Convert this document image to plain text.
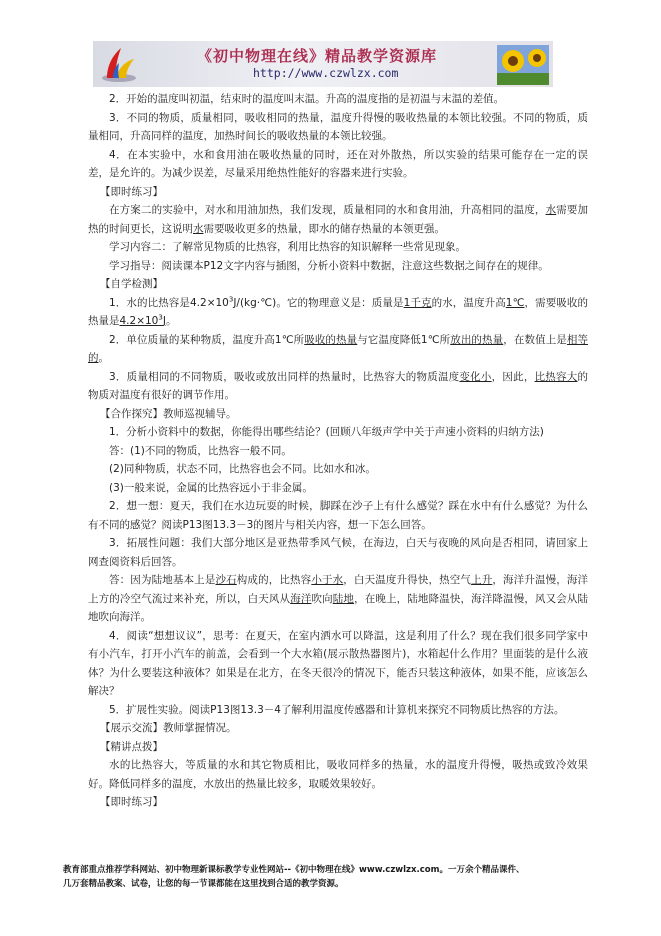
《初中物理在线》精品教学资源库
http://www.czwlzx.com

2．开始的温度叫初温，结束时的温度叫末温。升高的温度指的是初温与末温的差值。

3．不同的物质，质量相同，吸收相同的热量，温度升得慢的吸收热量的本领比较强。不同的物质，质量相同，升高同样的温度，加热时间长的吸收热量的本领比较强。

4．在本实验中，水和食用油在吸收热量的同时，还在对外散热，所以实验的结果可能存在一定的误差，是允许的。为减少误差，尽量采用绝热性能好的容器来进行实验。

【即时练习】

在方案二的实验中，对水和用油加热，我们发现，质量相同的水和食用油，升高相同的温度，水需要加热的时间更长，这说明水需要吸收更多的热量，即水的储存热量的本领更强。

学习内容二：了解常见物质的比热容，利用比热容的知识解释一些常见现象。

学习指导：阅读课本P12文字内容与插图，分析小资料中数据，注意这些数据之间存在的规律。

【自学检测】

1．水的比热容是$4.2\times 10^3J/(kg\cdot℃)$。它的物理意义是：质量是1千克的水，温度升高1℃，需要吸收的热量是$4.2\times 10^3J$。

2．单位质量的某种物质，温度升高1℃所吸收的热量与它温度降低1℃所放出的热量，在数值上是相等的。

3．质量相同的不同物质，吸收或放出同样的热量时，比热容大的物质温度变化小，因此，比热容大的物质对温度有很好的调节作用。

【合作探究】教师巡视辅导。

1．分析小资料中的数据，你能得出哪些结论？(回顾八年级声学中关于声速小资料的归纳方法)

答：(1)不同的物质，比热容一般不同。

(2)同种物质，状态不同，比热容也会不同。比如水和冰。

(3)一般来说，金属的比热容远小于非金属。

2．想一想：夏天，我们在水边玩耍的时候，脚踩在沙子上有什么感觉？踩在水中有什么感觉？为什么有不同的感觉？阅读P13图13.3－3的图片与相关内容，想一下怎么回答。

3．拓展性问题：我们大部分地区是亚热带季风气候，在海边，白天与夜晚的风向是否相同，请回家上网查阅资料后回答。

答：因为陆地基本上是沙石构成的，比热容小于水，白天温度升得快，热空气上升，海洋升温慢，海洋上方的冷空气流过来补充，所以，白天风从海洋吹向陆地，在晚上，陆地降温快，海洋降温慢，风又会从陆地吹向海洋。

4．阅读“想想议议”，思考：在夏天，在室内洒水可以降温，这是利用了什么？现在我们很多同学家中有小汽车，打开小汽车的前盖，会看到一个大水箱(展示散热器图片)，水箱起什么作用？里面装的是什么液体？为什么要装这种液体？如果是在北方，在冬天很冷的情况下，能否只装这种液体，如果不能，应该怎么解决？

5．扩展性实验。阅读P13图13.3－4了解利用温度传感器和计算机来探究不同物质比热容的方法。

【展示交流】教师掌握情况。

【精讲点拨】

水的比热容大，等质量的水和其它物质相比，吸收同样多的热量，水的温度升得慢，吸热或致冷效果好。降低同样多的温度，水放出的热量比较多，取暖效果较好。

【即时练习】

教育部重点推荐学科网站、初中物理新课标教学专业性网站--《初中物理在线》www.czwlzx.com。一万余个精品课件、
几万套精品教案、试卷，让您的每一节课都能在这里找到合适的教学资源。
